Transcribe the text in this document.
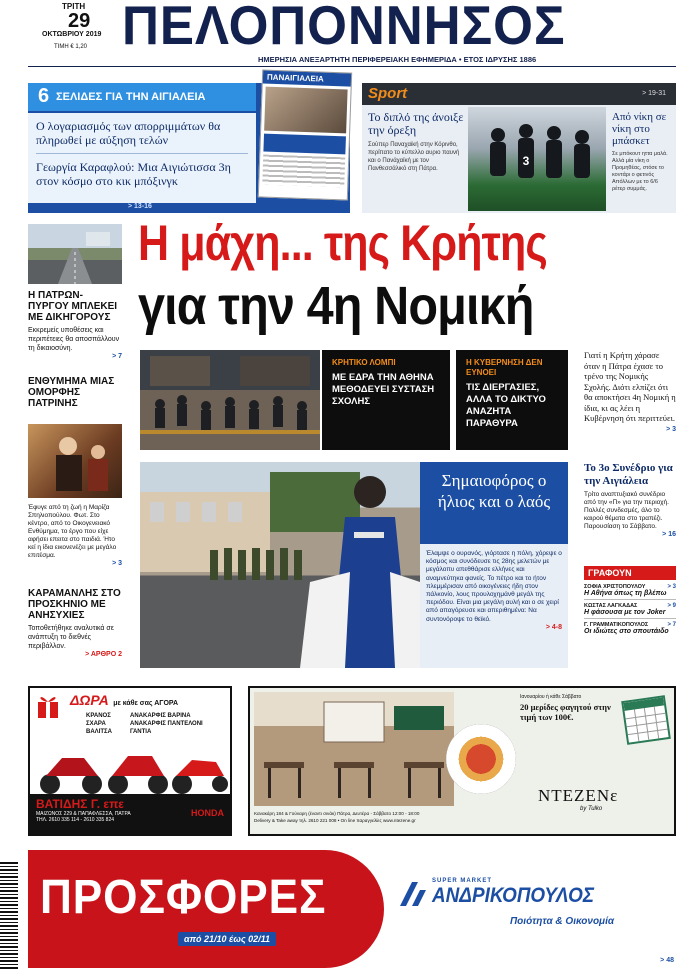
ΤΡΙΤΗ
29
ΟΚΤΩΒΡΙΟΥ 2019
ΤΙΜΗ € 1,20 ΠΕΛΟΠΟΝΝΗΣΟΣ
ΗΜΕΡΗΣΙΑ ΑΝΕΞΑΡΤΗΤΗ ΠΕΡΙΦΕΡΕΙΑΚΗ ΕΦΗΜΕΡΙΔΑ • ΕΤΟΣ ΙΔΡΥΣΗΣ 1886
6 ΣΕΛΙΔΕΣ ΓΙΑ ΤΗΝ ΑΙΓΙΑΛΕΙΑ
Ο λογαριασμός των απορριμμάτων θα πληρωθεί με αύξηση τελών
Γεωργία Καραφλού: Μια Αιγιώτισσα 3η στον κόσμο στο κικ μπόξινγκ
> 13-16
ΠΑΝΑΙΓΙΑΛΕΙΑ
Sport	> 19-31
Το διπλό της άνοιξε την όρεξη
Σούπερ Παναχαϊκή στην Κόρινθο, περίπατο το κύπελλο αυριο παυνή και ο Πανάχαϊκή με τον Πανθεσσάλικό στη Πάτρα.
3
Από νίκη σε νίκη στο μπάσκετ
Σε μπόκουτ ηττα μαλά. Αλλά μία νίκη ο Προμηθέας, στόσε το κοντάρι ο φετινός Απόλλων με το 6/6 ρέτερ συμμάς.
Η ΠΑΤΡΩΝ-ΠΥΡΓΟΥ ΜΠΛΕΚΕΙ ΜΕ ΔΙΚΗΓΟΡΟΥΣ
Εκκρεμείς υποθέσεις και περιπέτειες θα αποσπάλλουν τη δικαιοσύνη.
> 7
ΕΝΘΥΜΗΜΑ ΜΙΑΣ ΟΜΟΡΦΗΣ ΠΑΤΡΙΝΗΣ
Έφυγε από τη ζωή η Μαρίζα Σπηλιοπούλου. Φωτ. Στο κέντρο, από το Οικογενειακό Ενθύμημα, το έργο που είχε αφήσει επειτα στο παιδιά. Ήτο κεί η ίδια εικονενέζει με μεγάλο επιτέσμα.
> 3
ΚΑΡΑΜΑΝΛΗΣ ΣΤΟ ΠΡΟΣΚΗΝΙΟ ΜΕ ΑΝΗΣΥΧΙΕΣ
Τοποθετήθηκε αναλυτικά σε ανάπτυξη το διεθνές περιβάλλον.
> ΑΡΘΡΟ 2
Η μάχη... της Κρήτης
για την 4η Νομική
ΚΡΗΤΙΚΟ ΛΟΜΠΙ
ΜΕ ΕΔΡΑ ΤΗΝ ΑΘΗΝΑ ΜΕΘΟΔΕΥΕΙ ΣΥΣΤΑΣΗ ΣΧΟΛΗΣ
Η ΚΥΒΕΡΝΗΣΗ ΔΕΝ ΕΥΝΟΕΙ
ΤΙΣ ΔΙΕΡΓΑΣΙΕΣ, ΑΛΛΑ ΤΟ ΔΙΚΤΥΟ ΑΝΑΖΗΤΑ ΠΑΡΑΘΥΡΑ
Γιατί η Κρήτη χάρασε όταν η Πάτρα έχασε το τρένο της Νομικής Σχολής. Διότι ελπίζει ότι θα αποκτήσει 4η Νομική η ίδια, κι ας λέει η Κυβέρνηση ότι περιττεύει.
> 3
Σημαιοφόρος ο ήλιος και ο λαός
Έλαμψε ο ουρανός, γιόρτασε η πόλη, χόρεψε ο κόσμος και συνόδευσε τις 28ης μελετών με μεγάλοπυ απεθθάρισε ελλήνες και αναμνεύτηκα φανείς. Το πέτρο και το ήτον πλεμμέρισαν από οικογένειες ήδη στον πάλκονίο, λους προυλοχημάνθ μεγάλ της περιόδου. Είναι μια μεγάλη αυλή και ο σε χειρί από απαγόρευσε και απεριθημένα: Να συντονόροψε το θεϊκό.
> 4-8
Το 3ο Συνέδριο για την Αιγιάλεια
Τρίτο αναπτυξιακό συνέδριο από την «Π» για την περιοχή. Πολλές συνδεσμές, άλο το καιρού θέματα στο τραπέζι. Παρουσίαση το Σάββατο.
> 16
ΓΡΑΦΟΥΝ
ΣΟΦΙΑ ΧΡΙΣΤΟΠΟΥΛΟΥ	> 3
Η Αθήνα όπως τη βλέπω
ΚΩΣΤΑΣ ΛΑΓΚΑΔΑΣ	> 9
Η φάσουσα με τον Joker
Γ. ΓΡΑΜΜΑΤΙΚΟΠΟΥΛΟΣ	> 7
Οι ιδιώτες στο σπουτάιδο
ΔΩΡΑ με κάθε σας ΑΓΟΡΑ
ΚΡΑΝΟΣ
ΣΧΑΡΑ
ΒΑΛΙΤΣΑ
ΑΝΑΚΑΡΦΙΣ ΒΑΡΙΝΑ
ΑΝΑΚΑΡΦΙΣ ΠΑΝΤΕΛΟΝΙ
ΓΑΝΤΙΑ
ΒΑΤΙΔΗΣ Γ. επε
ΜΑΙΖΩΝΟΣ 229 & ΠΑΠΑΦΛΕΣΣΑ, ΠΑΤΡΑ
ΤΗΛ. 2610 335 114 - 2610 335 824
HONDA
Ιανουαρίου ή κάθε Σάββατο
20 μερίδες φαγητού στην τιμή των 100€.
ΝΤΕΖΕΝε
by Tulko
Κανακάρη 184 & Γούναρη (έναντι σινάκ) Πάτρα, Δευτέρα - Σάββατο 12:00 - 18:00
Delivery & Take away τηλ. 2610 221 008 • On line παραγγελίες www.ntezene.gr
ΠΡΟΣΦΟΡΕΣ
από 21/10 έως 02/11
SUPER MARKET
ΑΝΔΡΙΚΟΠΟΥΛΟΣ
Ποιότητα & Οικονομία
> 48
